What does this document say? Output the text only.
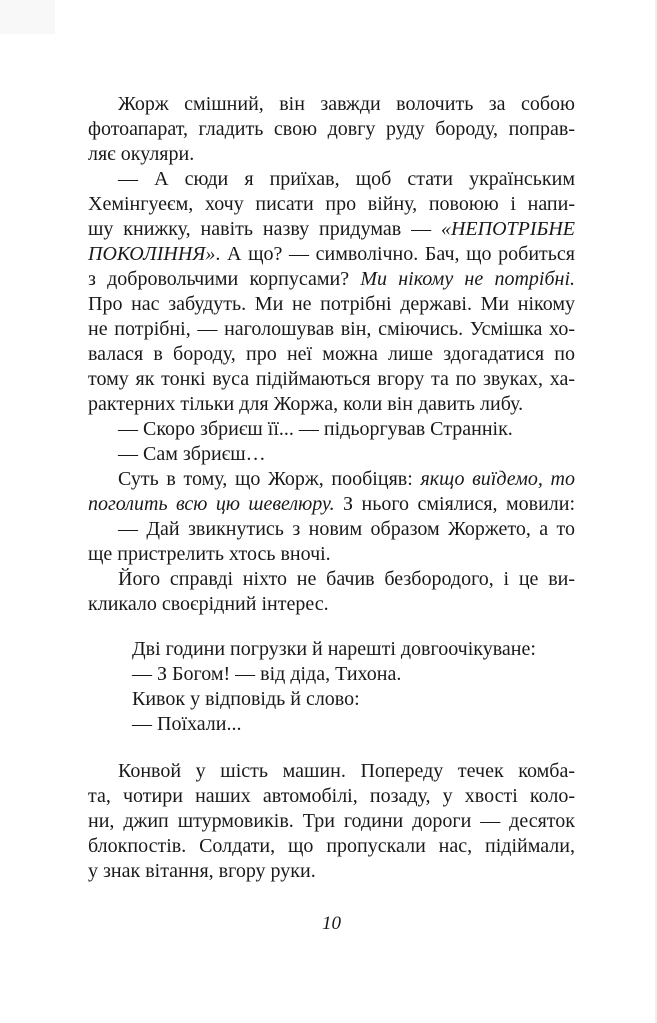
Жорж смішний, він завжди волочить за собою
фотоапарат, гладить свою довгу руду бороду, поправ-
ляє окуляри.
— А сюди я приїхав, щоб стати українським
Хемінгуеєм, хочу писати про війну, повоюю і напи-
шу книжку, навіть назву придумав — «НЕПОТРІБНЕ
ПОКОЛІННЯ». А що? — символічно. Бач, що робиться
з добровольчими корпусами? Ми нікому не потрібні.
Про нас забудуть. Ми не потрібні державі. Ми нікому
не потрібні, — наголошував він, сміючись. Усмішка хо-
валася в бороду, про неї можна лише здогадатися по
тому як тонкі вуса підіймаються вгору та по звуках, ха-
рактерних тільки для Жоржа, коли він давить либу.
— Скоро збриєш її... — підьоргував Страннік.
— Сам збриєш…
Суть в тому, що Жорж, пообіцяв: якщо виїдемо, то
поголить всю цю шевелюру. З нього сміялися, мовили:
— Дай звикнутись з новим образом Жоржето, а то
ще пристрелить хтось вночі.
Його справді ніхто не бачив безбородого, і це ви-
кликало своєрідний інтерес.
Дві години погрузки й нарешті довгоочікуване:
— З Богом! — від діда, Тихона.
Кивок у відповідь й слово:
— Поїхали...
Конвой у шість машин. Попереду течек комба-
та, чотири наших автомобілі, позаду, у хвості коло-
ни, джип штурмовиків. Три години дороги — десяток
блокпостів. Солдати, що пропускали нас, підіймали,
у знак вітання, вгору руки.
10
